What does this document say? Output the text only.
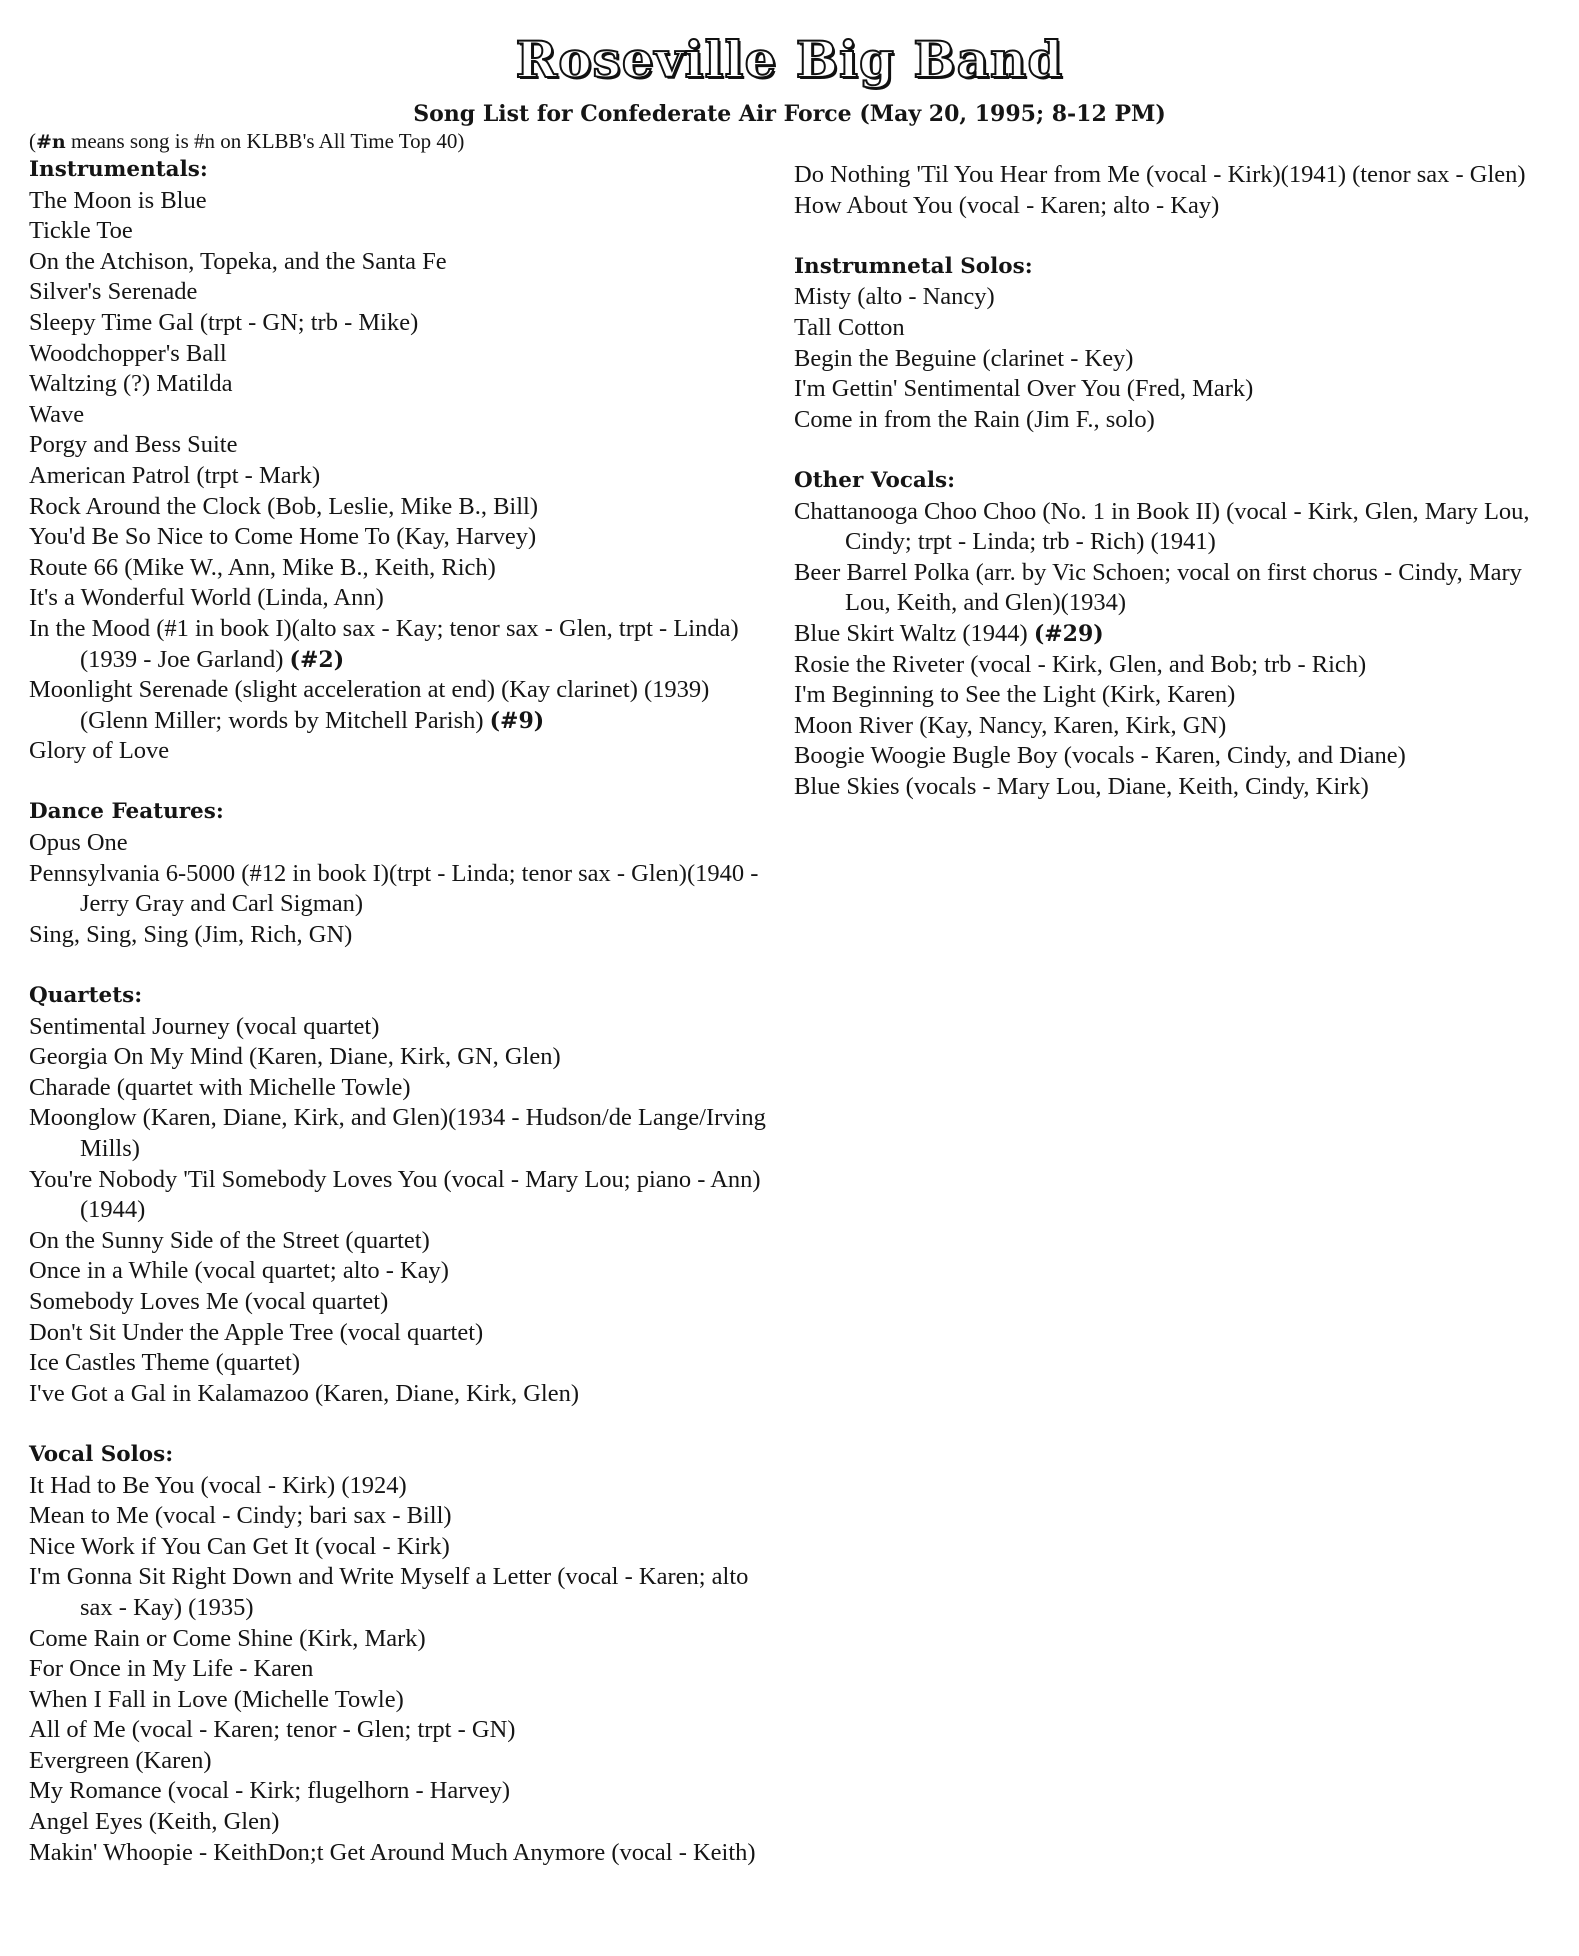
Roseville Big Band
Song List for Confederate Air Force (May 20, 1995; 8-12 PM)
(#n means song is #n on KLBB's All Time Top 40)
Instrumentals:
The Moon is Blue
Tickle Toe
On the Atchison, Topeka, and the Santa Fe
Silver's Serenade
Sleepy Time Gal (trpt - GN; trb - Mike)
Woodchopper's Ball
Waltzing (?) Matilda
Wave
Porgy and Bess Suite
American Patrol (trpt - Mark)
Rock Around the Clock (Bob, Leslie, Mike B., Bill)
You'd Be So Nice to Come Home To (Kay, Harvey)
Route 66 (Mike W., Ann, Mike B., Keith, Rich)
It's a Wonderful World (Linda, Ann)
In the Mood (#1 in book I)(alto sax - Kay; tenor sax - Glen, trpt - Linda)(1939 - Joe Garland) (#2)
Moonlight Serenade (slight acceleration at end) (Kay clarinet) (1939)(Glenn Miller; words by Mitchell Parish) (#9)
Glory of Love
Dance Features:
Opus One
Pennsylvania 6-5000 (#12 in book I)(trpt - Linda; tenor sax - Glen)(1940 - Jerry Gray and Carl Sigman)
Sing, Sing, Sing (Jim, Rich, GN)
Quartets:
Sentimental Journey (vocal quartet)
Georgia On My Mind (Karen, Diane, Kirk, GN, Glen)
Charade (quartet with Michelle Towle)
Moonglow (Karen, Diane, Kirk, and Glen)(1934 - Hudson/de Lange/Irving Mills)
You're Nobody 'Til Somebody Loves You (vocal - Mary Lou; piano - Ann) (1944)
On the Sunny Side of the Street (quartet)
Once in a While (vocal quartet; alto - Kay)
Somebody Loves Me (vocal quartet)
Don't Sit Under the Apple Tree (vocal quartet)
Ice Castles Theme (quartet)
I've Got a Gal in Kalamazoo (Karen, Diane, Kirk, Glen)
Vocal Solos:
It Had to Be You (vocal - Kirk) (1924)
Mean to Me (vocal - Cindy; bari sax - Bill)
Nice Work if You Can Get It (vocal - Kirk)
I'm Gonna Sit Right Down and Write Myself a Letter (vocal - Karen; alto sax - Kay) (1935)
Come Rain or Come Shine (Kirk, Mark)
For Once in My Life - Karen
When I Fall in Love (Michelle Towle)
All of Me (vocal - Karen; tenor - Glen; trpt - GN)
Evergreen (Karen)
My Romance (vocal - Kirk; flugelhorn - Harvey)
Angel Eyes (Keith, Glen)
Makin' Whoopie - KeithDon;t Get Around Much Anymore (vocal - Keith)
Do Nothing 'Til You Hear from Me (vocal - Kirk)(1941) (tenor sax - Glen)
How About You (vocal - Karen; alto - Kay)
Instrumnetal Solos:
Misty (alto - Nancy)
Tall Cotton
Begin the Beguine (clarinet - Key)
I'm Gettin' Sentimental Over You (Fred, Mark)
Come in from the Rain (Jim F., solo)
Other Vocals:
Chattanooga Choo Choo (No. 1 in Book II) (vocal - Kirk, Glen, Mary Lou, Cindy; trpt - Linda; trb - Rich) (1941)
Beer Barrel Polka (arr. by Vic Schoen; vocal on first chorus - Cindy, Mary Lou, Keith, and Glen)(1934)
Blue Skirt Waltz (1944) (#29)
Rosie the Riveter (vocal - Kirk, Glen, and Bob; trb - Rich)
I'm Beginning to See the Light (Kirk, Karen)
Moon River (Kay, Nancy, Karen, Kirk, GN)
Boogie Woogie Bugle Boy (vocals - Karen, Cindy, and Diane)
Blue Skies (vocals - Mary Lou, Diane, Keith, Cindy, Kirk)
